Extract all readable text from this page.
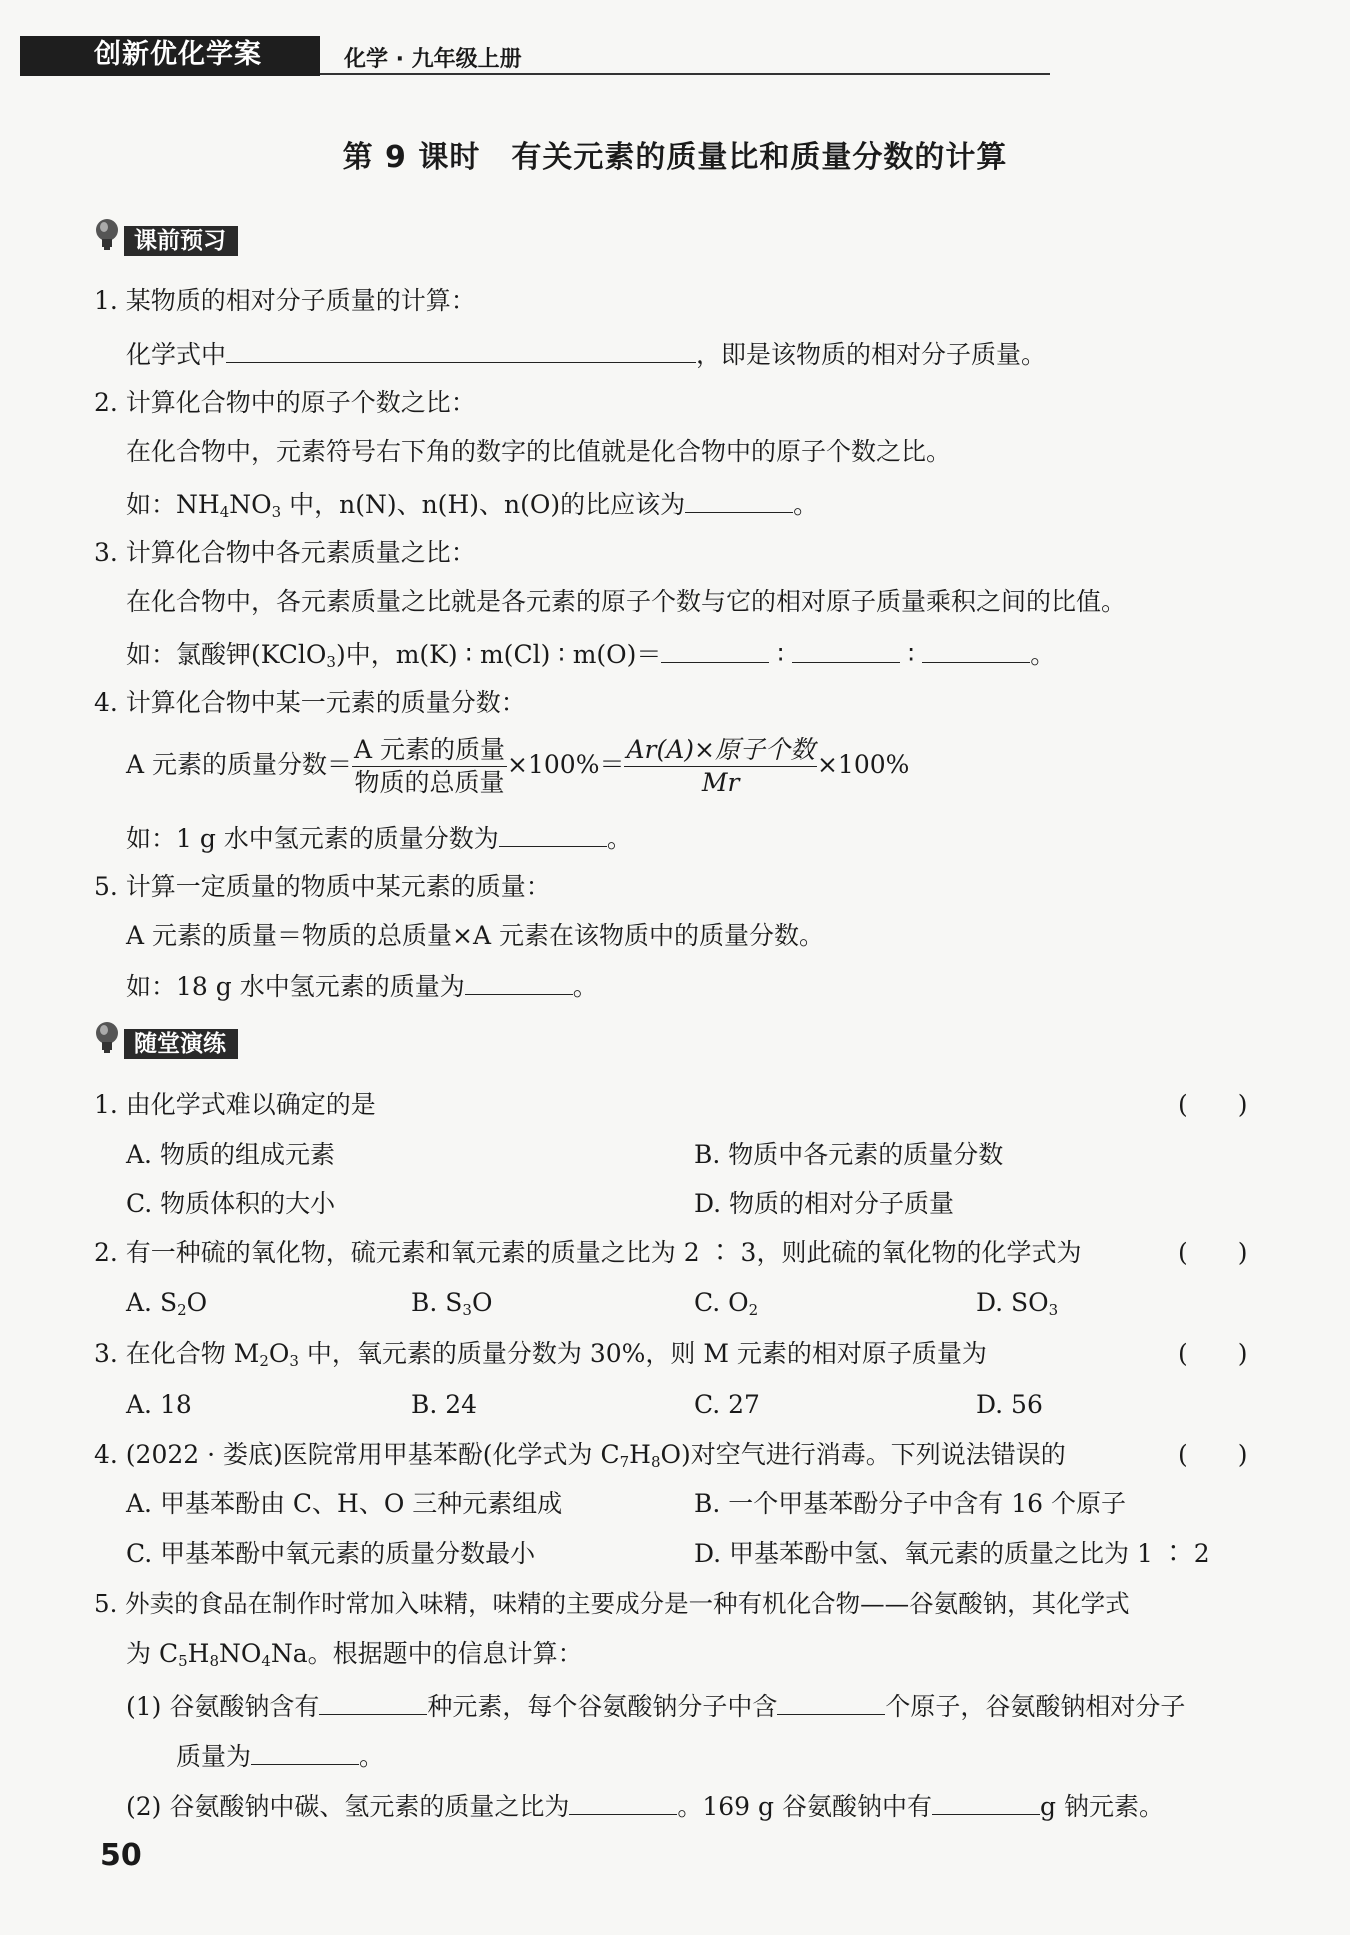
创新优化学案	化学 · 九年级上册
第 9 课时　有关元素的质量比和质量分数的计算
课前预习
1. 某物质的相对分子质量的计算：
化学式中	，即是该物质的相对分子质量。
2. 计算化合物中的原子个数之比：
在化合物中，元素符号右下角的数字的比值就是化合物中的原子个数之比。
如：$NH_4NO_3$ 中，n(N)、n(H)、n(O)的比应该为	。
3. 计算化合物中各元素质量之比：
在化合物中，各元素质量之比就是各元素的原子个数与它的相对原子质量乘积之间的比值。
如：氯酸钾(KClO$_3$)中，m(K) ∶ m(Cl) ∶ m(O)＝	∶	∶	。
4. 计算化合物中某一元素的质量分数：
A 元素的质量分数＝ $\frac{\text{A 元素的质量}}{\text{物质的总质量}} \times 100\%= \frac{\text{Ar(A)×原子个数}}{Mr} \times 100\%$
如：1 g 水中氢元素的质量分数为	。
5. 计算一定质量的物质中某元素的质量：
A 元素的质量＝物质的总质量×A 元素在该物质中的质量分数。
如：18 g 水中氢元素的质量为	。
随堂演练
1. 由化学式难以确定的是	(　　)
A. 物质的组成元素	B. 物质中各元素的质量分数
C. 物质体积的大小	D. 物质的相对分子质量
2. 有一种硫的氧化物，硫元素和氧元素的质量之比为 2 ∶ 3，则此硫的氧化物的化学式为	(　　)
A. $S_2O$	B. $S_3O$	C. $O_2$	D. $SO_3$
3. 在化合物 $M_2O_3$ 中，氧元素的质量分数为 30%，则 M 元素的相对原子质量为	(　　)
A. 18	B. 24	C. 27	D. 56
4. (2022 · 娄底)医院常用甲基苯酚(化学式为 $C_7H_8O$)对空气进行消毒。下列说法错误的	(　　)
A. 甲基苯酚由 C、H、O 三种元素组成	B. 一个甲基苯酚分子中含有 16 个原子
C. 甲基苯酚中氧元素的质量分数最小	D. 甲基苯酚中氢、氧元素的质量之比为 1 ∶ 2
5. 外卖的食品在制作时常加入味精，味精的主要成分是一种有机化合物——谷氨酸钠，其化学式
为 $C_5H_8NO_4Na$。根据题中的信息计算：
(1) 谷氨酸钠含有	种元素，每个谷氨酸钠分子中含	个原子，谷氨酸钠相对分子
质量为	。
(2) 谷氨酸钠中碳、氢元素的质量之比为	。169 g 谷氨酸钠中有	g 钠元素。
50
